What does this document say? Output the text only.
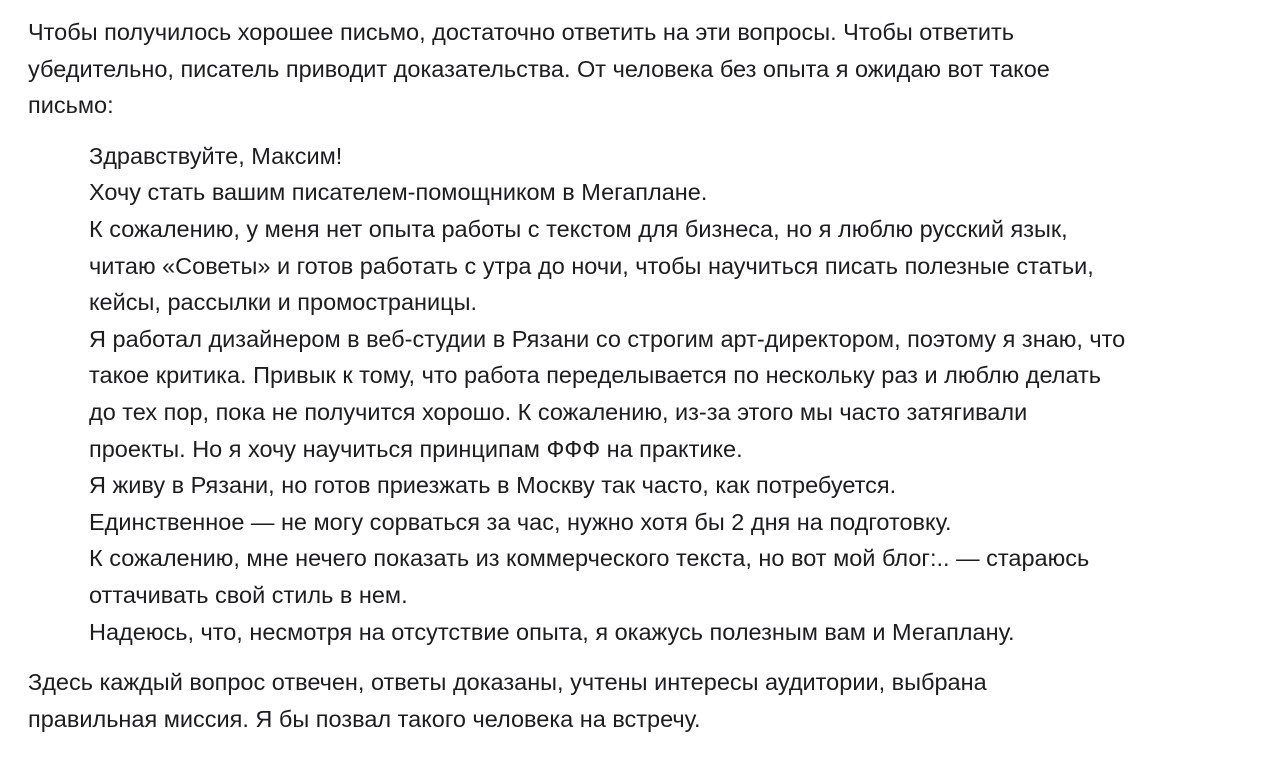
Чтобы получилось хорошее письмо, достаточно ответить на эти вопросы. Чтобы ответить убедительно, писатель приводит доказательства. От человека без опыта я ожидаю вот такое письмо:

Здравствуйте, Максим!

Хочу стать вашим писателем-помощником в Мегаплане.

К сожалению, у меня нет опыта работы с текстом для бизнеса, но я люблю русский язык, читаю «Советы» и готов работать с утра до ночи, чтобы научиться писать полезные статьи, кейсы, рассылки и промостраницы.

Я работал дизайнером в веб-студии в Рязани со строгим арт-директором, поэтому я знаю, что такое критика. Привык к тому, что работа переделывается по нескольку раз и люблю делать до тех пор, пока не получится хорошо. К сожалению, из-за этого мы часто затягивали проекты. Но я хочу научиться принципам ФФФ на практике.

Я живу в Рязани, но готов приезжать в Москву так часто, как потребуется.

Единственное — не могу сорваться за час, нужно хотя бы 2 дня на подготовку.

К сожалению, мне нечего показать из коммерческого текста, но вот мой блог:.. — стараюсь оттачивать свой стиль в нем.

Надеюсь, что, несмотря на отсутствие опыта, я окажусь полезным вам и Мегаплану.

Здесь каждый вопрос отвечен, ответы доказаны, учтены интересы аудитории, выбрана правильная миссия. Я бы позвал такого человека на встречу.
